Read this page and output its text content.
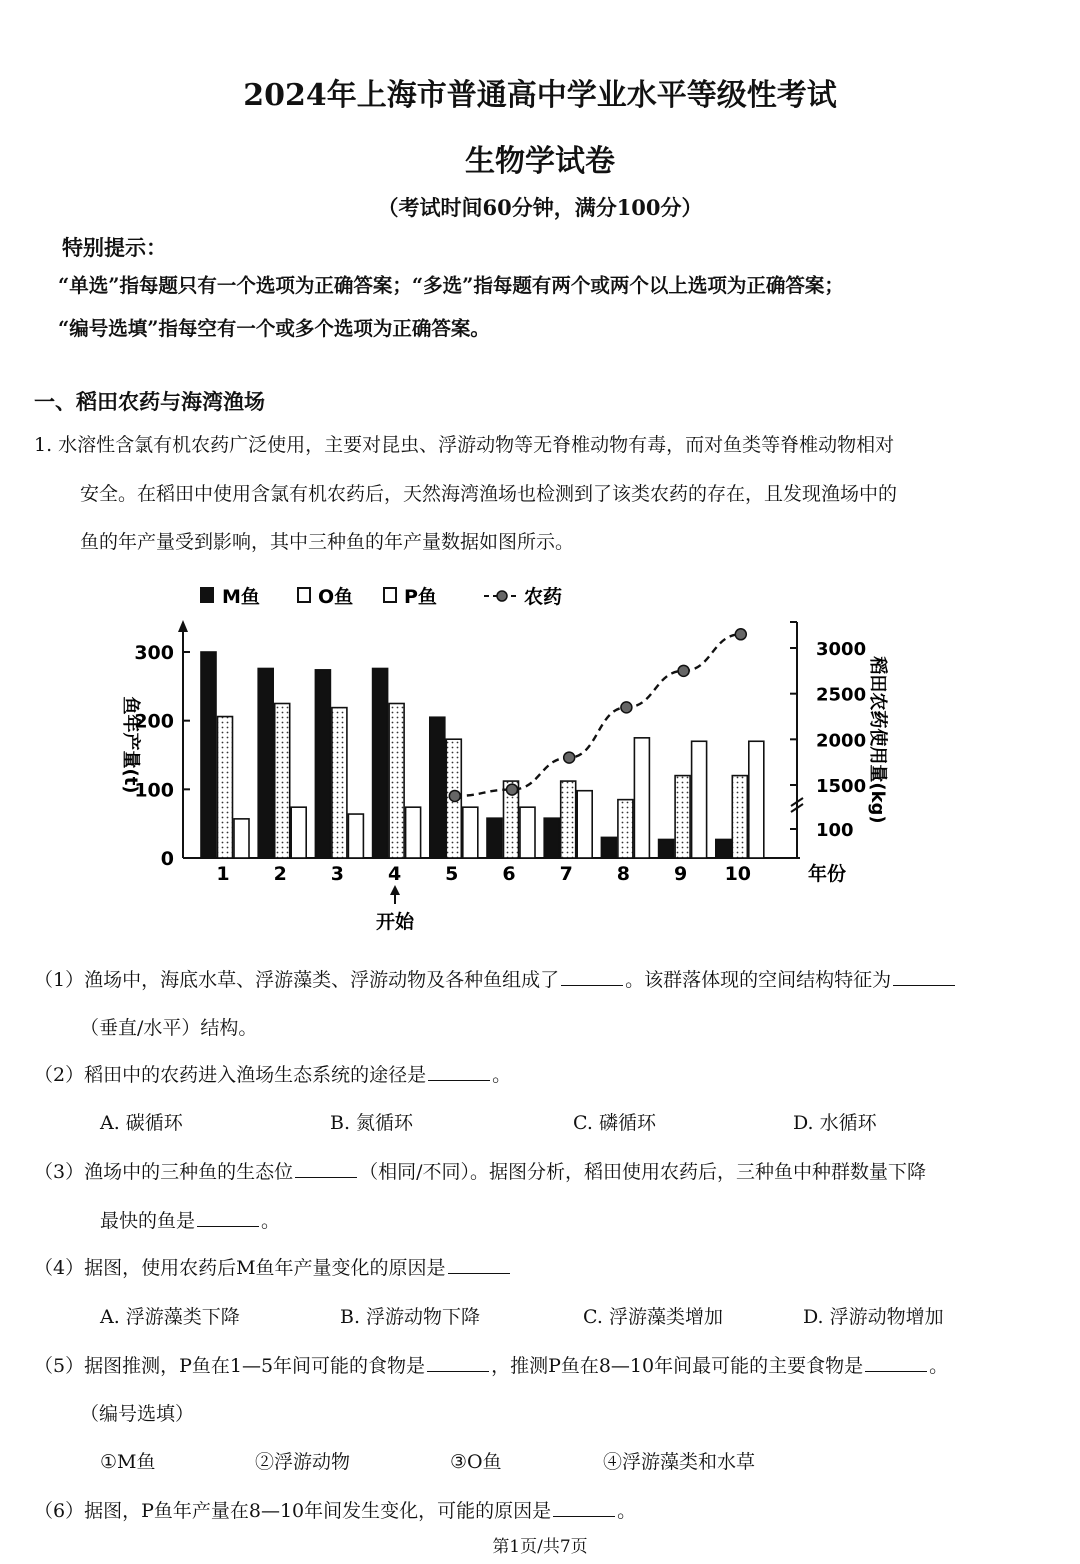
2024年上海市普通高中学业水平等级性考试
生物学试卷
（考试时间60分钟，满分100分）
特别提示：
“单选”指每题只有一个选项为正确答案；“多选”指每题有两个或两个以上选项为正确答案；
“编号选填”指每空有一个或多个选项为正确答案。
一、稻田农药与海湾渔场
1. 水溶性含氯有机农药广泛使用，主要对昆虫、浮游动物等无脊椎动物有毒，而对鱼类等脊椎动物相对
安全。在稻田中使用含氯有机农药后，天然海湾渔场也检测到了该类农药的存在，且发现渔场中的
鱼的年产量受到影响，其中三种鱼的年产量数据如图所示。
M鱼	O鱼	P鱼	农药
鱼年产量(t)	稻田农药使用量(kg)
年份
开始
0
100
200
300
100
1500
2000
2500
3000
1 2 3 4 5 6 7 8 9 10
（1）渔场中，海底水草、浮游藻类、浮游动物及各种鱼组成了	。该群落体现的空间结构特征为
（垂直/水平）结构。
（2）稻田中的农药进入渔场生态系统的途径是	。
A. 碳循环	B. 氮循环	C. 磷循环	D. 水循环
（3）渔场中的三种鱼的生态位	（相同/不同）。据图分析，稻田使用农药后，三种鱼中种群数量下降
最快的鱼是	。
（4）据图，使用农药后M鱼年产量变化的原因是
A. 浮游藻类下降	B. 浮游动物下降	C. 浮游藻类增加	D. 浮游动物增加
（5）据图推测，P鱼在1—5年间可能的食物是	，推测P鱼在8—10年间最可能的主要食物是	。
（编号选填）
①M鱼	②浮游动物	③O鱼	④浮游藻类和水草
（6）据图，P鱼年产量在8—10年间发生变化，可能的原因是	。
第1页/共7页
